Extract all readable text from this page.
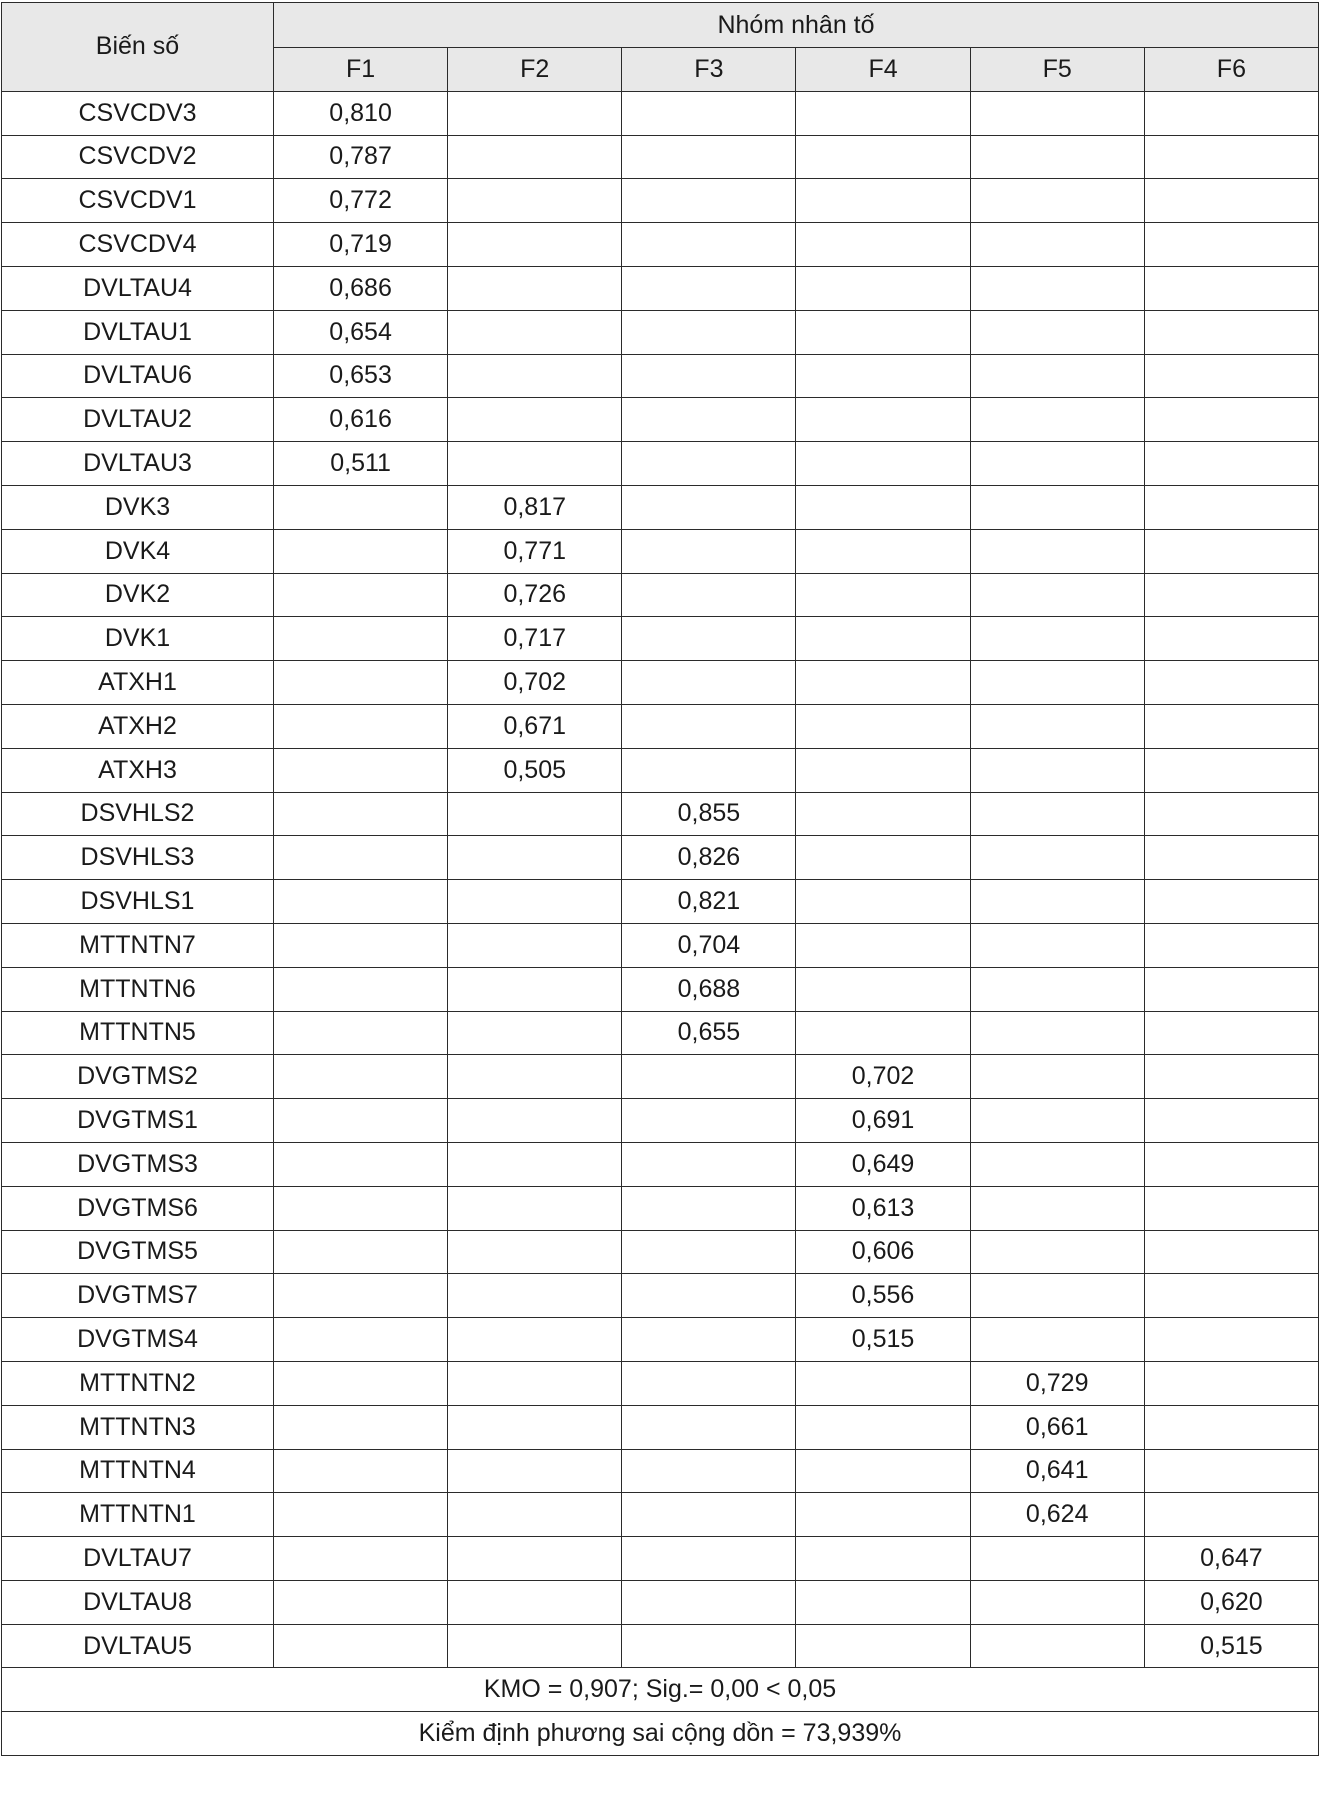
Biến số	Nhóm nhân tố					
	F1	F2	F3	F4	F5	F6
CSVCDV3	0,810					
CSVCDV2	0,787					
CSVCDV1	0,772					
CSVCDV4	0,719					
DVLTAU4	0,686					
DVLTAU1	0,654					
DVLTAU6	0,653					
DVLTAU2	0,616					
DVLTAU3	0,511					
DVK3		0,817				
DVK4		0,771				
DVK2		0,726				
DVK1		0,717				
ATXH1		0,702				
ATXH2		0,671				
ATXH3		0,505				
DSVHLS2			0,855			
DSVHLS3			0,826			
DSVHLS1			0,821			
MTTNTN7			0,704			
MTTNTN6			0,688			
MTTNTN5			0,655			
DVGTMS2				0,702		
DVGTMS1				0,691		
DVGTMS3				0,649		
DVGTMS6				0,613		
DVGTMS5				0,606		
DVGTMS7				0,556		
DVGTMS4				0,515		
MTTNTN2					0,729	
MTTNTN3					0,661	
MTTNTN4					0,641	
MTTNTN1					0,624	
DVLTAU7						0,647
DVLTAU8						0,620
DVLTAU5						0,515
KMO = 0,907; Sig.= 0,00 < 0,05						
Kiểm định phương sai cộng dồn = 73,939%						
